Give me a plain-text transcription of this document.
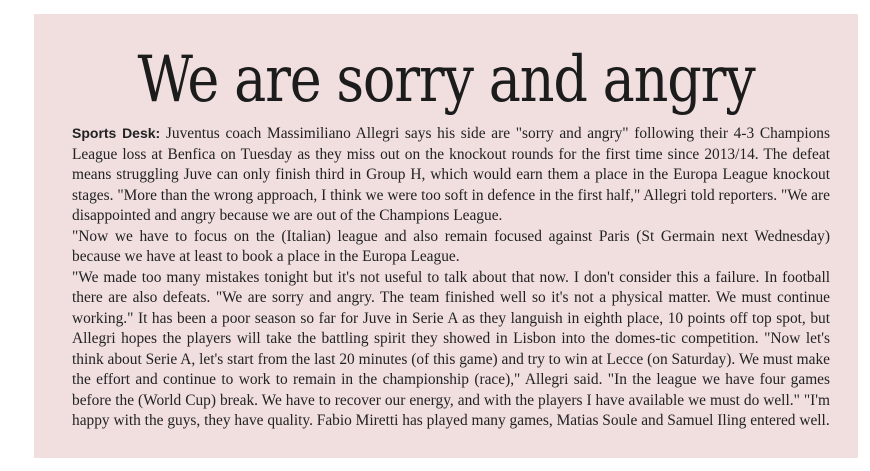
We are sorry and angry

Sports Desk: Juventus coach Massimiliano Allegri says his side are "sorry and angry" following their 4-3 Champions League loss at Benfica on Tuesday as they miss out on the knockout rounds for the first time since 2013/14. The defeat means struggling Juve can only finish third in Group H, which would earn them a place in the Europa League knockout stages. "More than the wrong approach, I think we were too soft in defence in the first half," Allegri told reporters. "We are disappointed and angry because we are out of the Champions League.

"Now we have to focus on the (Italian) league and also remain focused against Paris (St Germain next Wednesday) because we have at least to book a place in the Europa League.

"We made too many mistakes tonight but it's not useful to talk about that now. I don't consider this a failure. In football there are also defeats. "We are sorry and angry. The team finished well so it's not a physical matter. We must continue working." It has been a poor season so far for Juve in Serie A as they languish in eighth place, 10 points off top spot, but Allegri hopes the players will take the battling spirit they showed in Lisbon into the domes-tic competition. "Now let's think about Serie A, let's start from the last 20 minutes (of this game) and try to win at Lecce (on Saturday). We must make the effort and continue to work to remain in the championship (race)," Allegri said. "In the league we have four games before the (World Cup) break. We have to recover our energy, and with the players I have available we must do well." "I'm happy with the guys, they have quality. Fabio Miretti has played many games, Matias Soule and Samuel Iling entered well.
